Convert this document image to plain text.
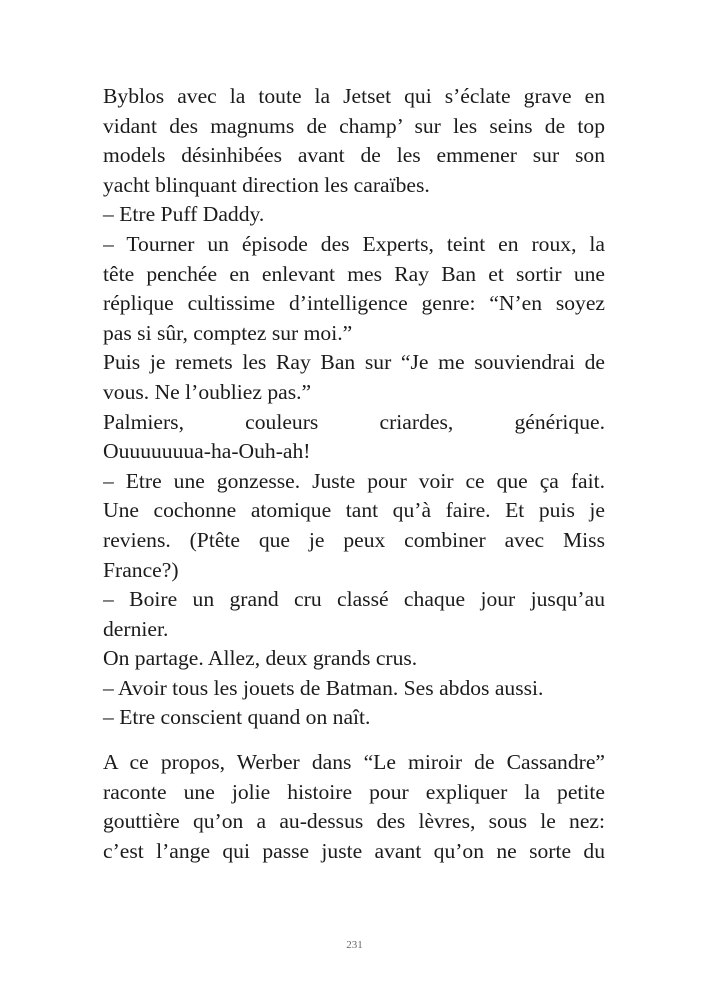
Byblos avec la toute la Jetset qui s’éclate grave en
vidant des magnums de champ’ sur les seins de top
models désinhibées avant de les emmener sur son
yacht blinquant direction les caraïbes.
– Etre Puff Daddy.
– Tourner un épisode des Experts, teint en roux, la
tête penchée en enlevant mes Ray Ban et sortir une
réplique cultissime d’intelligence genre: “N’en soyez
pas si sûr, comptez sur moi.”
Puis je remets les Ray Ban sur “Je me souviendrai de
vous. Ne l’oubliez pas.”
Palmiers, couleurs criardes, générique.
Ouuuuuuua-ha-Ouh-ah!
– Etre une gonzesse. Juste pour voir ce que ça fait.
Une cochonne atomique tant qu’à faire. Et puis je
reviens. (Ptête que je peux combiner avec Miss
France?)
– Boire un grand cru classé chaque jour jusqu’au
dernier.
On partage. Allez, deux grands crus.
– Avoir tous les jouets de Batman. Ses abdos aussi.
– Etre conscient quand on naît.
A ce propos, Werber dans “Le miroir de Cassandre”
raconte une jolie histoire pour expliquer la petite
gouttière qu’on a au-dessus des lèvres, sous le nez:
c’est l’ange qui passe juste avant qu’on ne sorte du
231
